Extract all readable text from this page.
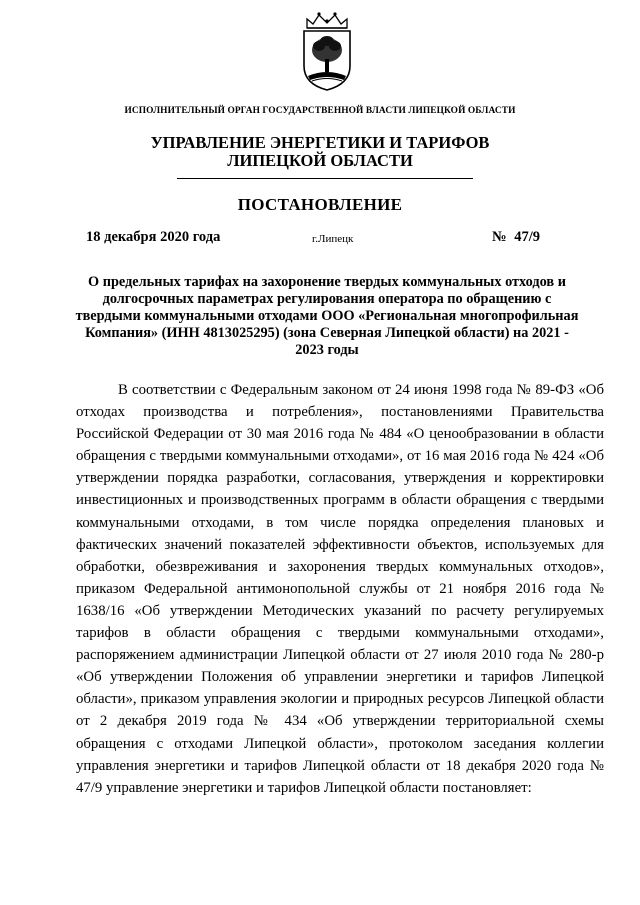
ИСПОЛНИТЕЛЬНЫЙ ОРГАН ГОСУДАРСТВЕННОЙ ВЛАСТИ ЛИПЕЦКОЙ ОБЛАСТИ
УПРАВЛЕНИЕ ЭНЕРГЕТИКИ И ТАРИФОВ
ЛИПЕЦКОЙ ОБЛАСТИ
ПОСТАНОВЛЕНИЕ
18 декабря 2020 года	г.Липецк	№ 47/9
О предельных тарифах на захоронение твердых коммунальных отходов и долгосрочных параметрах регулирования оператора по обращению с твердыми коммунальными отходами ООО «Региональная многопрофильная Компания» (ИНН 4813025295) (зона Северная Липецкой области) на 2021 - 2023 годы

В соответствии с Федеральным законом от 24 июня 1998 года № 89-ФЗ «Об отходах производства и потребления», постановлениями Правительства Российской Федерации от 30 мая 2016 года № 484 «О ценообразовании в области обращения с твердыми коммунальными отходами», от 16 мая 2016 года № 424 «Об утверждении порядка разработки, согласования, утверждения и корректировки инвестиционных и производственных программ в области обращения с твердыми коммунальными отходами, в том числе порядка определения плановых и фактических значений показателей эффективности объектов, используемых для обработки, обезвреживания и захоронения твердых коммунальных отходов», приказом Федеральной антимонопольной службы от 21 ноября 2016 года № 1638/16 «Об утверждении Методических указаний по расчету регулируемых тарифов в области обращения с твердыми коммунальными отходами», распоряжением администрации Липецкой области от 27 июля 2010 года № 280-р «Об утверждении Положения об управлении энергетики и тарифов Липецкой области», приказом управления экологии и природных ресурсов Липецкой области от 2 декабря 2019 года № 434 «Об утверждении территориальной схемы обращения с отходами Липецкой области», протоколом заседания коллегии управления энергетики и тарифов Липецкой области от 18 декабря 2020 года № 47/9 управление энергетики и тарифов Липецкой области постановляет:
